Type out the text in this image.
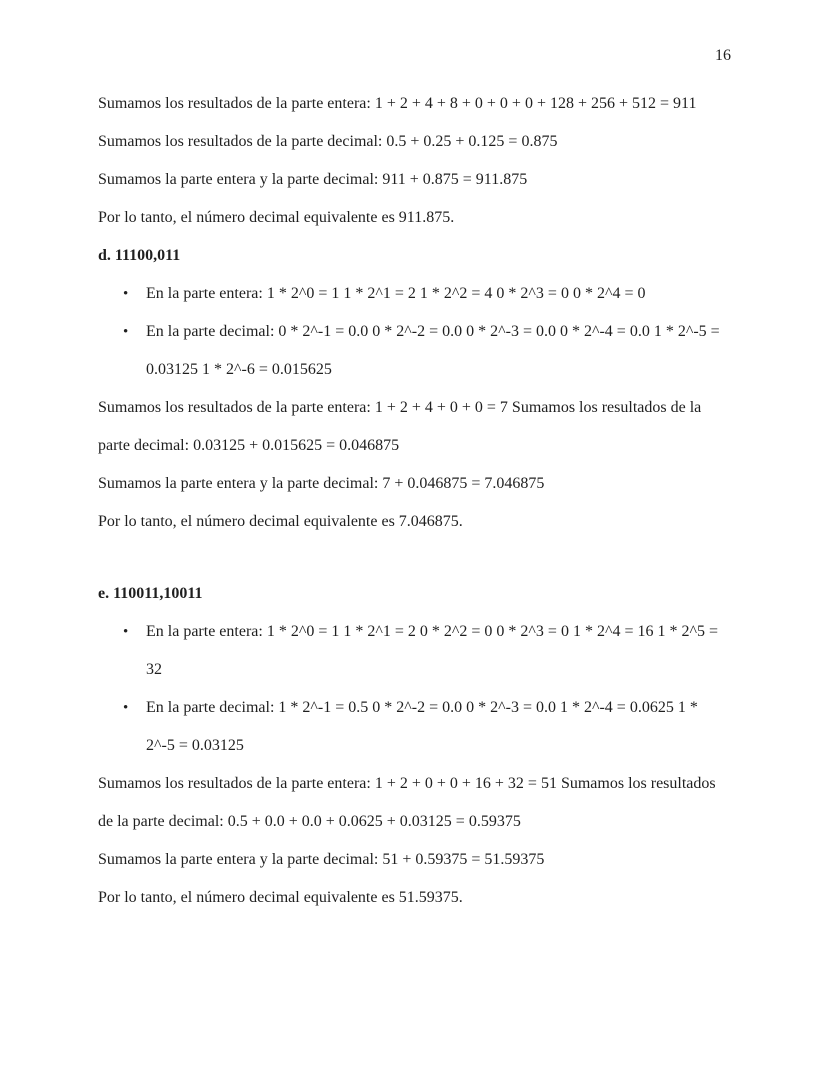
16
Sumamos los resultados de la parte entera: 1 + 2 + 4 + 8 + 0 + 0 + 0 + 128 + 256 + 512 = 911
Sumamos los resultados de la parte decimal: 0.5 + 0.25 + 0.125 = 0.875
Sumamos la parte entera y la parte decimal: 911 + 0.875 = 911.875
Por lo tanto, el número decimal equivalente es 911.875.
d. 11100,011
•	En la parte entera: 1 * 2^0 = 1 1 * 2^1 = 2 1 * 2^2 = 4 0 * 2^3 = 0 0 * 2^4 = 0
•	En la parte decimal: 0 * 2^-1 = 0.0 0 * 2^-2 = 0.0 0 * 2^-3 = 0.0 0 * 2^-4 = 0.0 1 * 2^-5 =
0.03125 1 * 2^-6 = 0.015625
Sumamos los resultados de la parte entera: 1 + 2 + 4 + 0 + 0 = 7 Sumamos los resultados de la
parte decimal: 0.03125 + 0.015625 = 0.046875
Sumamos la parte entera y la parte decimal: 7 + 0.046875 = 7.046875
Por lo tanto, el número decimal equivalente es 7.046875.
e. 110011,10011
•	En la parte entera: 1 * 2^0 = 1 1 * 2^1 = 2 0 * 2^2 = 0 0 * 2^3 = 0 1 * 2^4 = 16 1 * 2^5 =
32
•	En la parte decimal: 1 * 2^-1 = 0.5 0 * 2^-2 = 0.0 0 * 2^-3 = 0.0 1 * 2^-4 = 0.0625 1 *
2^-5 = 0.03125
Sumamos los resultados de la parte entera: 1 + 2 + 0 + 0 + 16 + 32 = 51 Sumamos los resultados
de la parte decimal: 0.5 + 0.0 + 0.0 + 0.0625 + 0.03125 = 0.59375
Sumamos la parte entera y la parte decimal: 51 + 0.59375 = 51.59375
Por lo tanto, el número decimal equivalente es 51.59375.
